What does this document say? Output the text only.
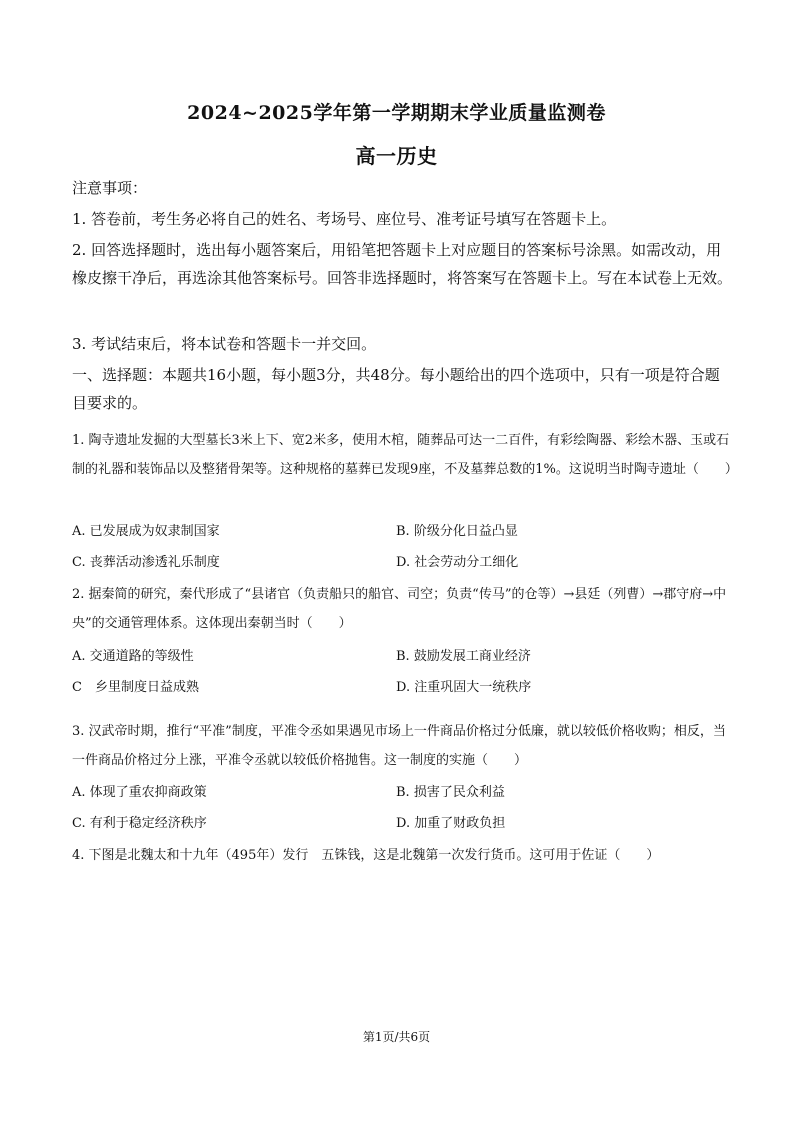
2024~2025学年第一学期期末学业质量监测卷
高一历史
注意事项：
1. 答卷前，考生务必将自己的姓名、考场号、座位号、准考证号填写在答题卡上。
2. 回答选择题时，选出每小题答案后，用铅笔把答题卡上对应题目的答案标号涂黑。如需改动，用橡皮擦干净后，再选涂其他答案标号。回答非选择题时，将答案写在答题卡上。写在本试卷上无效。
3. 考试结束后，将本试卷和答题卡一并交回。
一、选择题：本题共16小题，每小题3分，共48分。每小题给出的四个选项中，只有一项是符合题目要求的。
1. 陶寺遗址发掘的大型墓长3米上下、宽2米多，使用木棺，随葬品可达一二百件，有彩绘陶器、彩绘木器、玉或石制的礼器和装饰品以及整猪骨架等。这种规格的墓葬已发现9座，不及墓葬总数的1%。这说明当时陶寺遗址（　　）
A. 已发展成为奴隶制国家	B. 阶级分化日益凸显
C. 丧葬活动渗透礼乐制度	D. 社会劳动分工细化
2. 据秦简的研究，秦代形成了“县诸官（负责船只的船官、司空；负责“传马”的仓等）→县廷（列曹）→郡守府→中央”的交通管理体系。这体现出秦朝当时（　　）
A. 交通道路的等级性	B. 鼓励发展工商业经济
C　乡里制度日益成熟	D. 注重巩固大一统秩序
3. 汉武帝时期，推行“平准”制度，平准令丞如果遇见市场上一件商品价格过分低廉，就以较低价格收购；相反，当一件商品价格过分上涨，平准令丞就以较低价格抛售。这一制度的实施（　　）
A. 体现了重农抑商政策	B. 损害了民众利益
C. 有利于稳定经济秩序	D. 加重了财政负担
4. 下图是北魏太和十九年（495年）发行　五铢钱，这是北魏第一次发行货币。这可用于佐证（　　）
第1页/共6页
